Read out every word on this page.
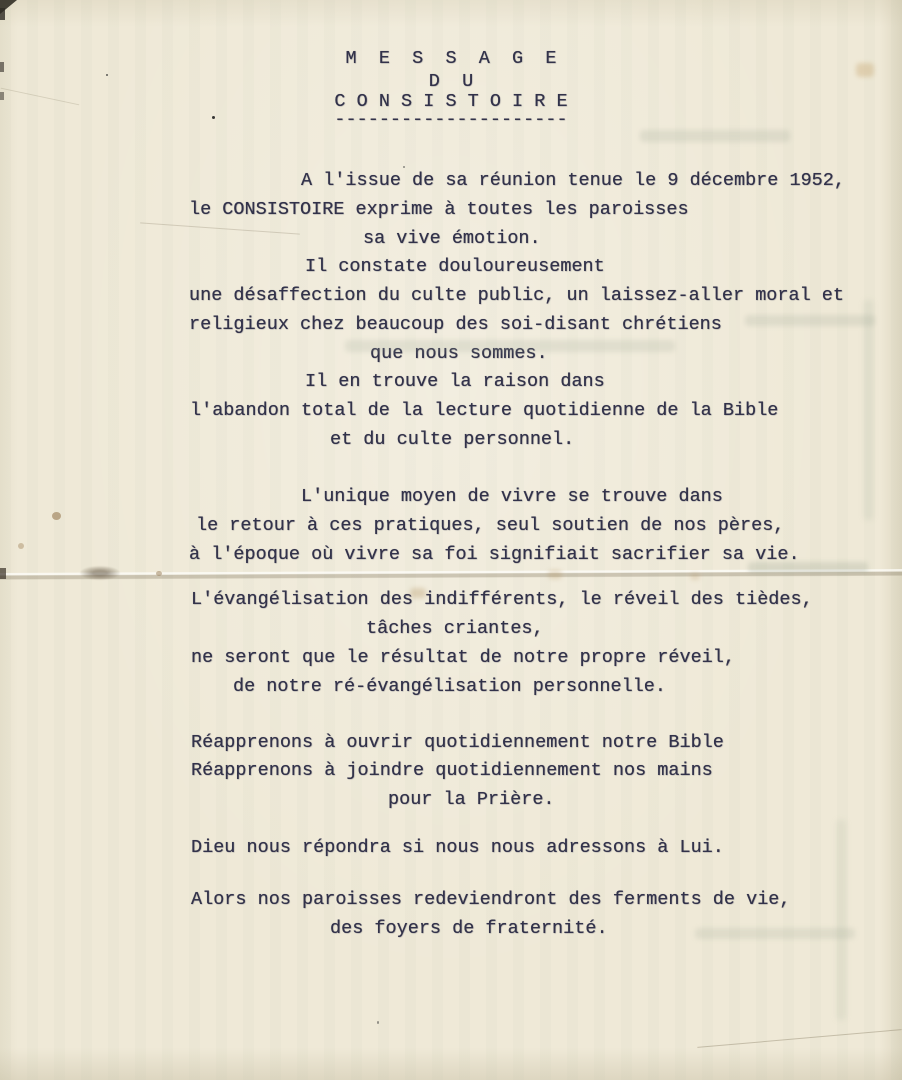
M  E  S  S  A  G  E
D  U
C O N S I S T O I R E
---------------------
A l'issue de sa réunion tenue le 9 décembre 1952,
le CONSISTOIRE exprime à toutes les paroisses
sa vive émotion.
Il constate douloureusement
une désaffection du culte public, un laissez-aller moral et
religieux chez beaucoup des soi-disant chrétiens
que nous sommes.
Il en trouve la raison dans
l'abandon total de la lecture quotidienne de la Bible
et du culte personnel.
L'unique moyen de vivre se trouve dans
le retour à ces pratiques, seul soutien de nos pères,
à l'époque où vivre sa foi signifiait sacrifier sa vie.
L'évangélisation des indifférents, le réveil des tièdes,
tâches criantes,
ne seront que le résultat de notre propre réveil,
de notre ré-évangélisation personnelle.
Réapprenons à ouvrir quotidiennement notre Bible
Réapprenons à joindre quotidiennement nos mains
pour la Prière.
Dieu nous répondra si nous nous adressons à Lui.
Alors nos paroisses redeviendront des ferments de vie,
des foyers de fraternité.
